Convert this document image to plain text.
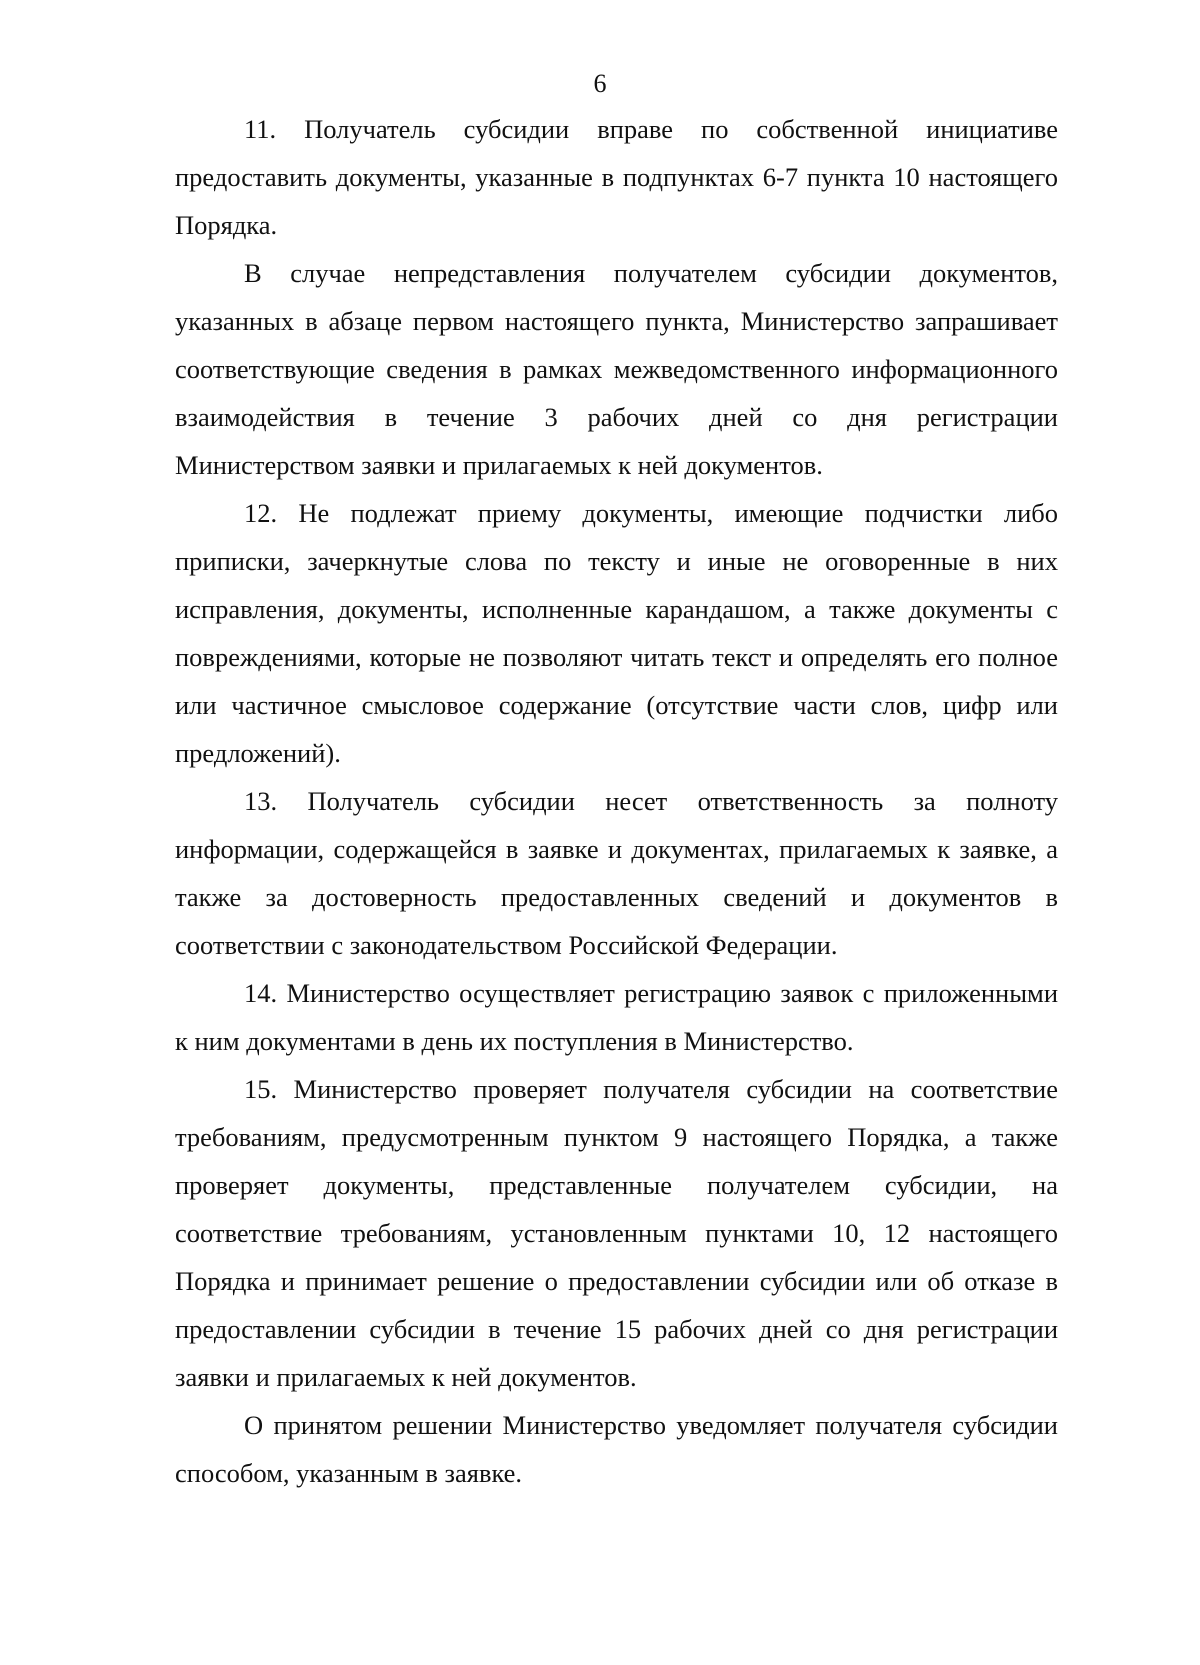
6

11. Получатель субсидии вправе по собственной инициативе предоставить документы, указанные в подпунктах 6-7 пункта 10 настоящего Порядка.

В случае непредставления получателем субсидии документов, указанных в абзаце первом настоящего пункта, Министерство запрашивает соответствующие сведения в рамках межведомственного информационного взаимодействия в течение 3 рабочих дней со дня регистрации Министерством заявки и прилагаемых к ней документов.

12. Не подлежат приему документы, имеющие подчистки либо приписки, зачеркнутые слова по тексту и иные не оговоренные в них исправления, документы, исполненные карандашом, а также документы с повреждениями, которые не позволяют читать текст и определять его полное или частичное смысловое содержание (отсутствие части слов, цифр или предложений).

13. Получатель субсидии несет ответственность за полноту информации, содержащейся в заявке и документах, прилагаемых к заявке, а также за достоверность предоставленных сведений и документов в соответствии с законодательством Российской Федерации.

14. Министерство осуществляет регистрацию заявок с приложенными к ним документами в день их поступления в Министерство.

15. Министерство проверяет получателя субсидии на соответствие требованиям, предусмотренным пунктом 9 настоящего Порядка, а также проверяет документы, представленные получателем субсидии, на соответствие требованиям, установленным пунктами 10, 12 настоящего Порядка и принимает решение о предоставлении субсидии или об отказе в предоставлении субсидии в течение 15 рабочих дней со дня регистрации заявки и прилагаемых к ней документов.

О принятом решении Министерство уведомляет получателя субсидии способом, указанным в заявке.
